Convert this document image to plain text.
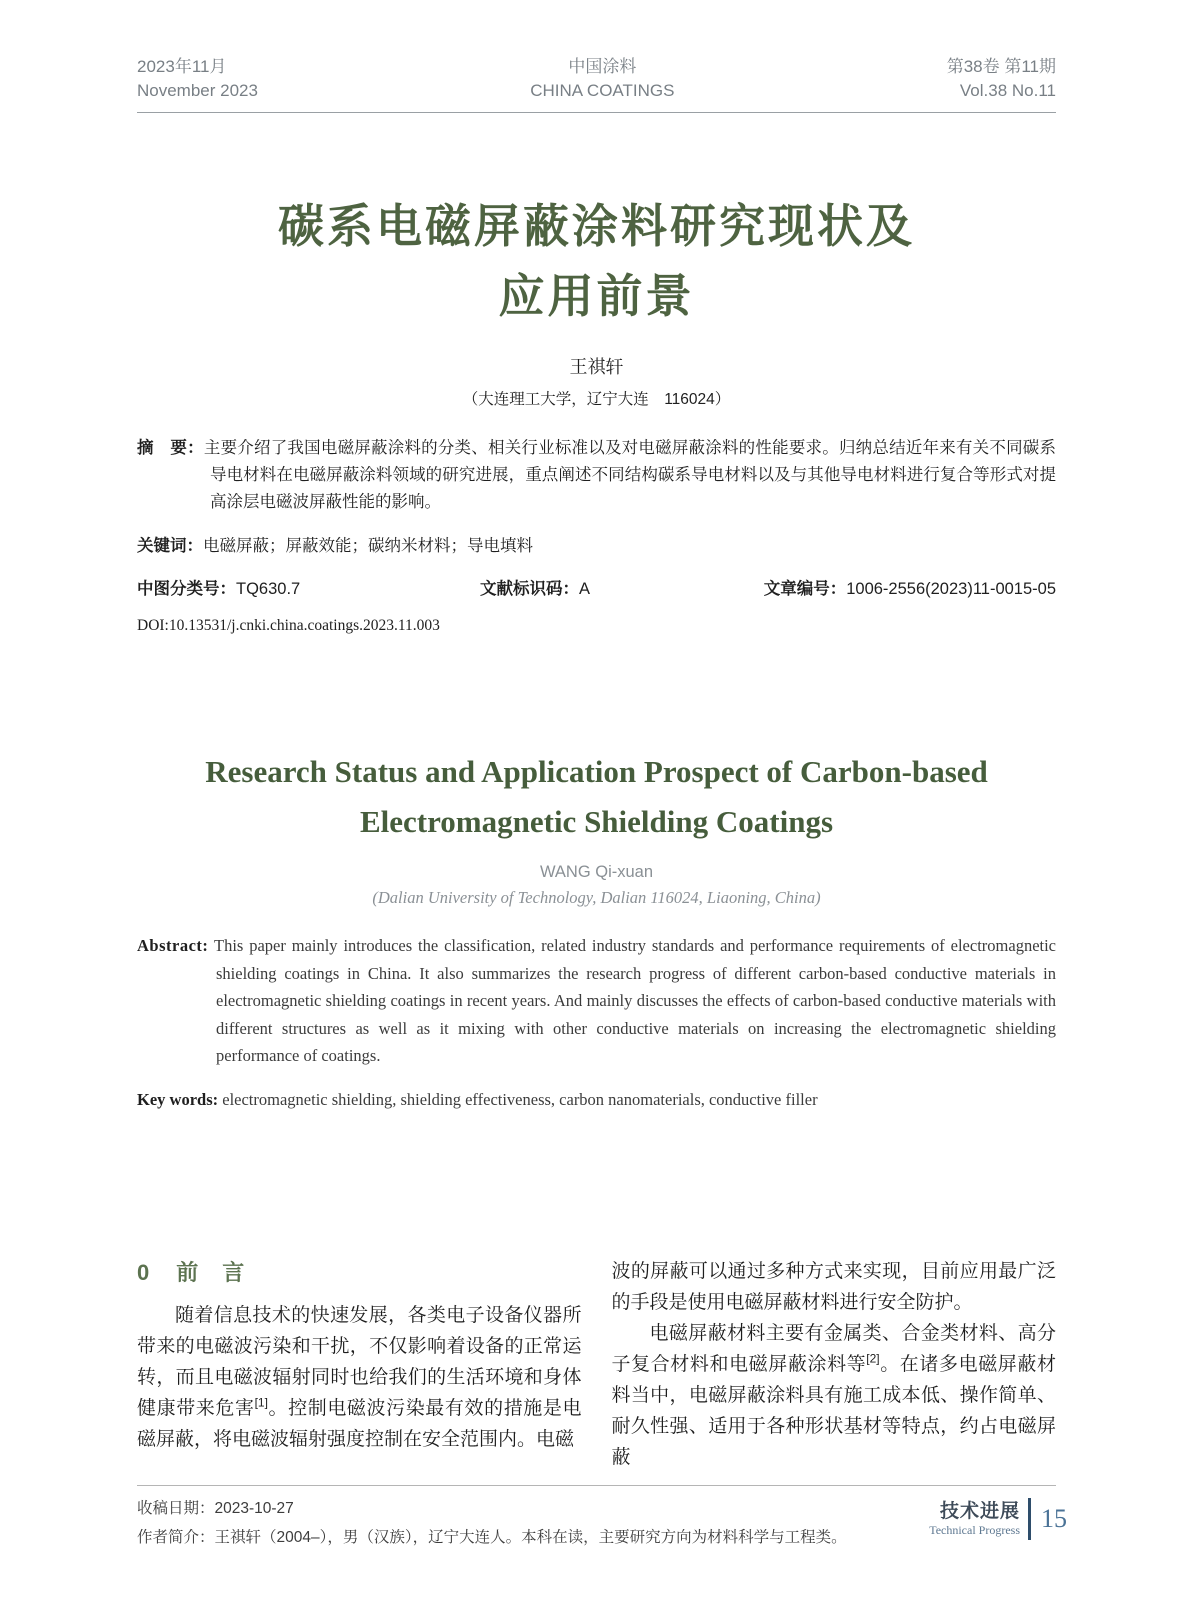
2023年11月
November 2023
中国涂料
CHINA COATINGS
第38卷 第11期
Vol.38 No.11
碳系电磁屏蔽涂料研究现状及
应用前景
王祺轩
（大连理工大学，辽宁大连　116024）

摘　要：主要介绍了我国电磁屏蔽涂料的分类、相关行业标准以及对电磁屏蔽涂料的性能要求。归纳总结近年来有关不同碳系导电材料在电磁屏蔽涂料领域的研究进展，重点阐述不同结构碳系导电材料以及与其他导电材料进行复合等形式对提高涂层电磁波屏蔽性能的影响。

关键词：电磁屏蔽；屏蔽效能；碳纳米材料；导电填料

中图分类号：TQ630.7	文献标识码：A	文章编号：1006-2556(2023)11-0015-05
DOI:10.13531/j.cnki.china.coatings.2023.11.003
Research Status and Application Prospect of Carbon-based
Electromagnetic Shielding Coatings
WANG Qi-xuan
(Dalian University of Technology, Dalian 116024, Liaoning, China)

Abstract: This paper mainly introduces the classification, related industry standards and performance requirements of electromagnetic shielding coatings in China. It also summarizes the research progress of different carbon-based conductive materials in electromagnetic shielding coatings in recent years. And mainly discusses the effects of carbon-based conductive materials with different structures as well as it mixing with other conductive materials on increasing the electromagnetic shielding performance of coatings.

Key words: electromagnetic shielding, shielding effectiveness, carbon nanomaterials, conductive filler

0 前　言

随着信息技术的快速发展，各类电子设备仪器所带来的电磁波污染和干扰，不仅影响着设备的正常运转，而且电磁波辐射同时也给我们的生活环境和身体健康带来危害[1]。控制电磁波污染最有效的措施是电磁屏蔽，将电磁波辐射强度控制在安全范围内。电磁

波的屏蔽可以通过多种方式来实现，目前应用最广泛的手段是使用电磁屏蔽材料进行安全防护。

电磁屏蔽材料主要有金属类、合金类材料、高分子复合材料和电磁屏蔽涂料等[2]。在诸多电磁屏蔽材料当中，电磁屏蔽涂料具有施工成本低、操作简单、耐久性强、适用于各种形状基材等特点，约占电磁屏蔽

收稿日期：2023-10-27
作者简介：王祺轩（2004–），男（汉族），辽宁大连人。本科在读，主要研究方向为材料科学与工程类。
技术进展
Technical Progress 15
